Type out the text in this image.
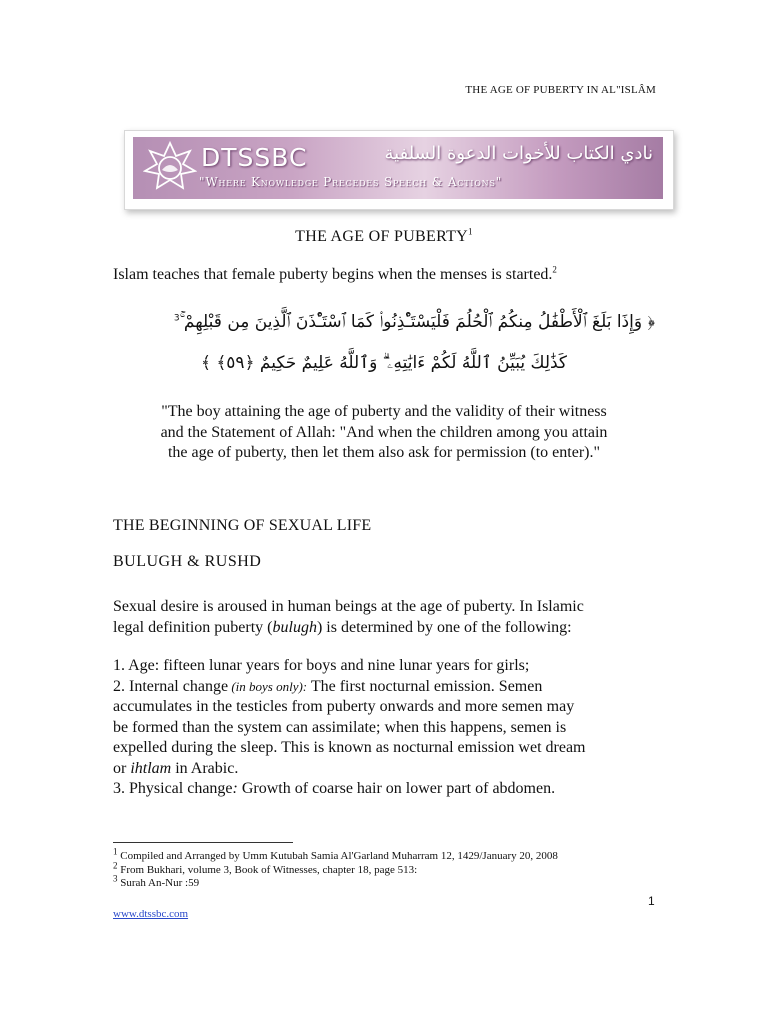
THE AGE OF PUBERTY IN AL"ISLÂM
DTSSBC
"Where Knowledge Precedes Speech & Actions"
نادي الكتاب للأخوات الدعوة السلفية
THE AGE OF PUBERTY$^1$
Islam teaches that female puberty begins when the menses is started.$^2$
﴿ وَإِذَا بَلَغَ ٱلْأَطْفَٰلُ مِنكُمُ ٱلْحُلُمَ فَلْيَسْتَـْٔذِنُوا۟ كَمَا ٱسْتَـْٔذَنَ ٱلَّذِينَ مِن قَبْلِهِمْ ۚ$^3$
كَذَٰلِكَ يُبَيِّنُ ٱللَّهُ لَكُمْ ءَايَٰتِهِۦ ۗ وَٱللَّهُ عَلِيمٌ حَكِيمٌ ﴿٥٩﴾ ﴾
"The boy attaining the age of puberty and the validity of their witness
and the Statement of Allah: "And when the children among you attain
the age of puberty, then let them also ask for permission (to enter)."
THE BEGINNING OF SEXUAL LIFE
BULUGH & RUSHD
Sexual desire is aroused in human beings at the age of puberty. In Islamic
legal definition puberty (bulugh) is determined by one of the following:
1. Age: fifteen lunar years for boys and nine lunar years for girls;
2. Internal change (in boys only): The first nocturnal emission. Semen
accumulates in the testicles from puberty onwards and more semen may
be formed than the system can assimilate; when this happens, semen is
expelled during the sleep. This is known as nocturnal emission wet dream
or ihtlam in Arabic.
3. Physical change: Growth of coarse hair on lower part of abdomen.
$^1$ Compiled and Arranged by Umm Kutubah Samia Al'Garland Muharram 12, 1429/January 20, 2008
$^2$ From Bukhari, volume 3, Book of Witnesses, chapter 18, page 513:
$^3$ Surah An-Nur :59
1
www.dtssbc.com
